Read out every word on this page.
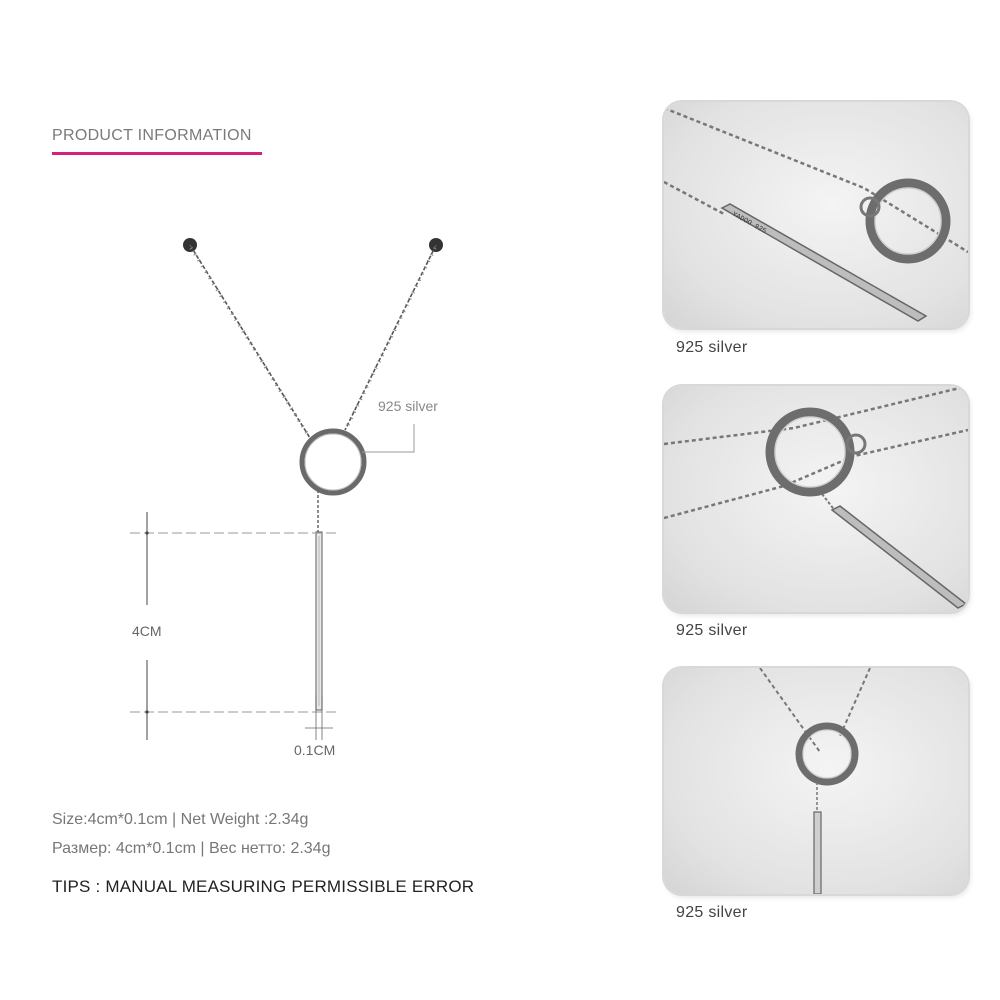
PRODUCT INFORMATION
925 silver
4CM
0.1CM
Size:4cm*0.1cm | Net Weight :2.34g
Размер: 4cm*0.1cm | Вес нетто: 2.34g
TIPS : MANUAL MEASURING PERMISSIBLE ERROR
YADOO 925
925 silver
925 silver
925 silver
